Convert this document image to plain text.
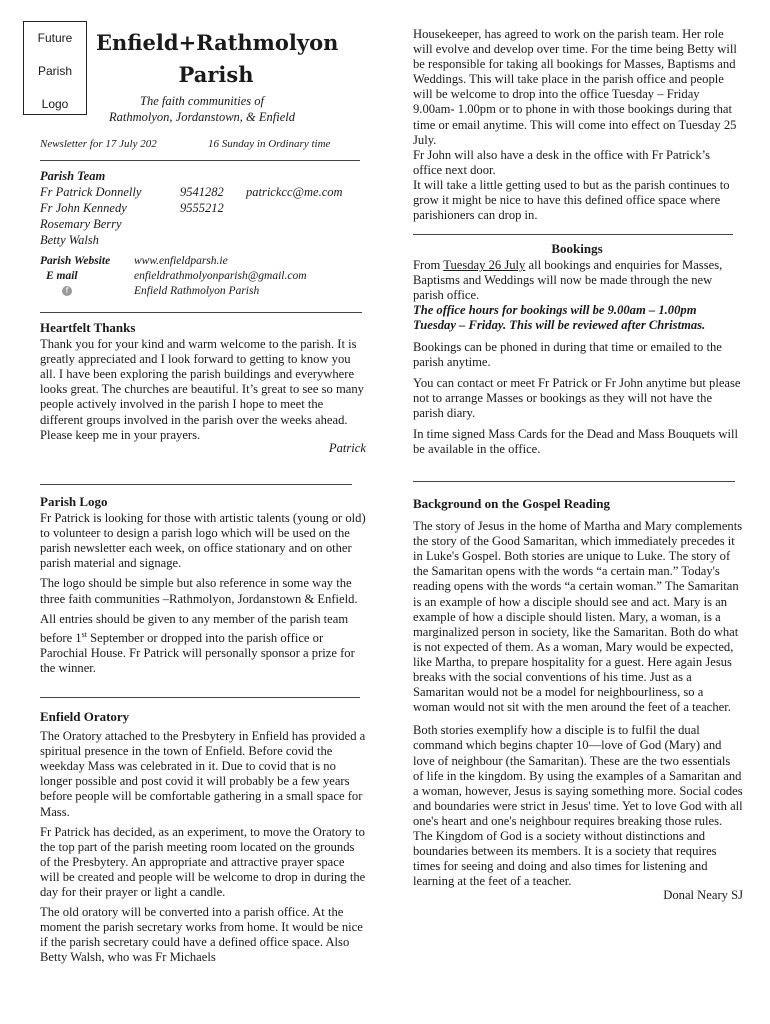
Future
Parish
Logo
Enfield+Rathmolyon
Parish
The faith communities of
Rathmolyon, Jordanstown, & Enfield
Newsletter for 17 July 202	16 Sunday in Ordinary time
Parish Team
Fr Patrick Donnelly	9541282 patrickcc@me.com
Fr John Kennedy	9555212
Rosemary Berry
Betty Walsh
Parish Website www.enfieldparsh.ie
E mail	enfieldrathmolyonparish@gmail.com
f	Enfield Rathmolyon Parish

Heartfelt Thanks

Thank you for your kind and warm welcome to the parish. It is greatly appreciated and I look forward to getting to know you all. I have been exploring the parish buildings and everywhere looks great. The churches are beautiful. It’s great to see so many people actively involved in the parish I hope to meet the different groups involved in the parish over the weeks ahead. Please keep me in your prayers.

Patrick

Parish Logo

Fr Patrick is looking for those with artistic talents (young or old) to volunteer to design a parish logo which will be used on the parish newsletter each week, on office stationary and on other parish material and signage.

The logo should be simple but also reference in some way the three faith communities –Rathmolyon, Jordanstown & Enfield.

All entries should be given to any member of the parish team before 1st September or dropped into the parish office or Parochial House. Fr Patrick will personally sponsor a prize for the winner.

Enfield Oratory

The Oratory attached to the Presbytery in Enfield has provided a spiritual presence in the town of Enfield. Before covid the weekday Mass was celebrated in it. Due to covid that is no longer possible and post covid it will probably be a few years before people will be comfortable gathering in a small space for Mass.

Fr Patrick has decided, as an experiment, to move the Oratory to the top part of the parish meeting room located on the grounds of the Presbytery. An appropriate and attractive prayer space will be created and people will be welcome to drop in during the day for their prayer or light a candle.

The old oratory will be converted into a parish office. At the moment the parish secretary works from home. It would be nice if the parish secretary could have a defined office space. Also Betty Walsh, who was Fr Michaels

Housekeeper, has agreed to work on the parish team. Her role will evolve and develop over time. For the time being Betty will be responsible for taking all bookings for Masses, Baptisms and Weddings. This will take place in the parish office and people will be welcome to drop into the office Tuesday – Friday 9.00am- 1.00pm or to phone in with those bookings during that time or email anytime. This will come into effect on Tuesday 25 July.

Fr John will also have a desk in the office with Fr Patrick’s office next door.

It will take a little getting used to but as the parish continues to grow it might be nice to have this defined office space where parishioners can drop in.

Bookings

From Tuesday 26 July all bookings and enquiries for Masses, Baptisms and Weddings will now be made through the new parish office.

The office hours for bookings will be 9.00am – 1.00pm Tuesday – Friday. This will be reviewed after Christmas.

Bookings can be phoned in during that time or emailed to the parish anytime.

You can contact or meet Fr Patrick or Fr John anytime but please not to arrange Masses or bookings as they will not have the parish diary.

In time signed Mass Cards for the Dead and Mass Bouquets will be available in the office.

Background on the Gospel Reading

The story of Jesus in the home of Martha and Mary complements the story of the Good Samaritan, which immediately precedes it in Luke's Gospel. Both stories are unique to Luke. The story of the Samaritan opens with the words “a certain man.” Today's reading opens with the words “a certain woman.” The Samaritan is an example of how a disciple should see and act. Mary is an example of how a disciple should listen. Mary, a woman, is a marginalized person in society, like the Samaritan. Both do what is not expected of them. As a woman, Mary would be expected, like Martha, to prepare hospitality for a guest. Here again Jesus breaks with the social conventions of his time. Just as a Samaritan would not be a model for neighbourliness, so a woman would not sit with the men around the feet of a teacher.

Both stories exemplify how a disciple is to fulfil the dual command which begins chapter 10—love of God (Mary) and love of neighbour (the Samaritan). These are the two essentials of life in the kingdom. By using the examples of a Samaritan and a woman, however, Jesus is saying something more. Social codes and boundaries were strict in Jesus' time. Yet to love God with all one's heart and one's neighbour requires breaking those rules. The Kingdom of God is a society without distinctions and boundaries between its members. It is a society that requires times for seeing and doing and also times for listening and learning at the feet of a teacher.

Donal Neary SJ
